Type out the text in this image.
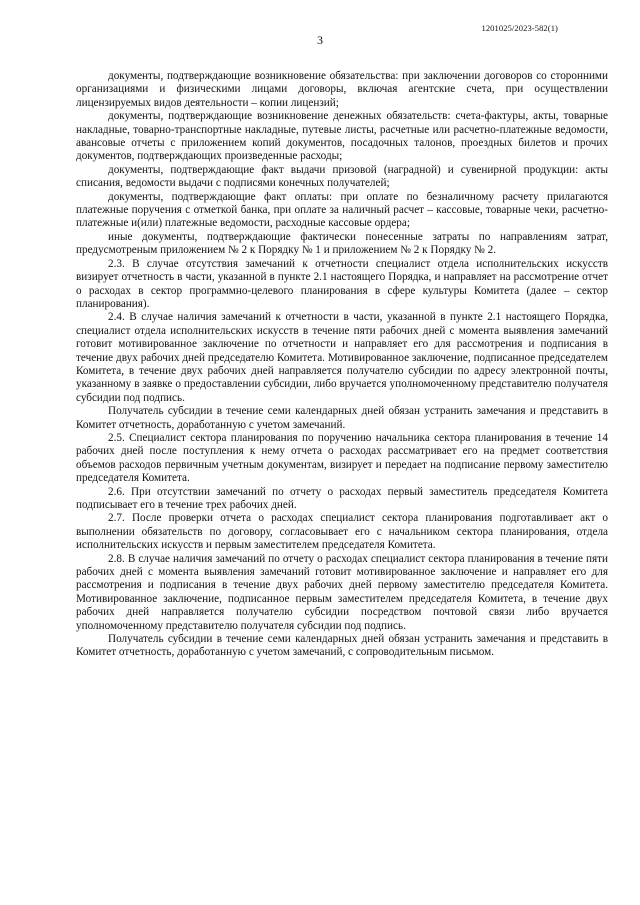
1201025/2023-582(1)
3

документы, подтверждающие возникновение обязательства: при заключении договоров со сторонними организациями и физическими лицами договоры, включая агентские счета, при осуществлении лицензируемых видов деятельности – копии лицензий;

документы, подтверждающие возникновение денежных обязательств: счета-фактуры, акты, товарные накладные, товарно-транспортные накладные, путевые листы, расчетные или расчетно-платежные ведомости, авансовые отчеты с приложением копий документов, посадочных талонов, проездных билетов и прочих документов, подтверждающих произведенные расходы;

документы, подтверждающие факт выдачи призовой (наградной) и сувенирной продукции: акты списания, ведомости выдачи с подписями конечных получателей;

документы, подтверждающие факт оплаты: при оплате по безналичному расчету прилагаются платежные поручения с отметкой банка, при оплате за наличный расчет – кассовые, товарные чеки, расчетно-платежные и(или) платежные ведомости, расходные кассовые ордера;

иные документы, подтверждающие фактически понесенные затраты по направлениям затрат, предусмотреным приложением № 2 к Порядку № 1 и приложением № 2 к Порядку № 2.

2.3. В случае отсутствия замечаний к отчетности специалист отдела исполнительских искусств визирует отчетность в части, указанной в пункте 2.1 настоящего Порядка, и направляет на рассмотрение отчет о расходах в сектор программно-целевого планирования в сфере культуры Комитета (далее – сектор планирования).

2.4. В случае наличия замечаний к отчетности в части, указанной в пункте 2.1 настоящего Порядка, специалист отдела исполнительских искусств в течение пяти рабочих дней с момента выявления замечаний готовит мотивированное заключение по отчетности и направляет его для рассмотрения и подписания в течение двух рабочих дней председателю Комитета. Мотивированное заключение, подписанное председателем Комитета, в течение двух рабочих дней направляется получателю субсидии по адресу электронной почты, указанному в заявке о предоставлении субсидии, либо вручается уполномоченному представителю получателя субсидии под подпись.

Получатель субсидии в течение семи календарных дней обязан устранить замечания и представить в Комитет отчетность, доработанную с учетом замечаний.

2.5. Специалист сектора планирования по поручению начальника сектора планирования в течение 14 рабочих дней после поступления к нему отчета о расходах рассматривает его на предмет соответствия объемов расходов первичным учетным документам, визирует и передает на подписание первому заместителю председателя Комитета.

2.6. При отсутствии замечаний по отчету о расходах первый заместитель председателя Комитета подписывает его в течение трех рабочих дней.

2.7. После проверки отчета о расходах специалист сектора планирования подготавливает акт о выполнении обязательств по договору, согласовывает его с начальником сектора планирования, отдела исполнительских искусств и первым заместителем председателя Комитета.

2.8. В случае наличия замечаний по отчету о расходах специалист сектора планирования в течение пяти рабочих дней с момента выявления замечаний готовит мотивированное заключение и направляет его для рассмотрения и подписания в течение двух рабочих дней первому заместителю председателя Комитета. Мотивированное заключение, подписанное первым заместителем председателя Комитета, в течение двух рабочих дней направляется получателю субсидии посредством почтовой связи либо вручается уполномоченному представителю получателя субсидии под подпись.

Получатель субсидии в течение семи календарных дней обязан устранить замечания и представить в Комитет отчетность, доработанную с учетом замечаний, с сопроводительным письмом.
